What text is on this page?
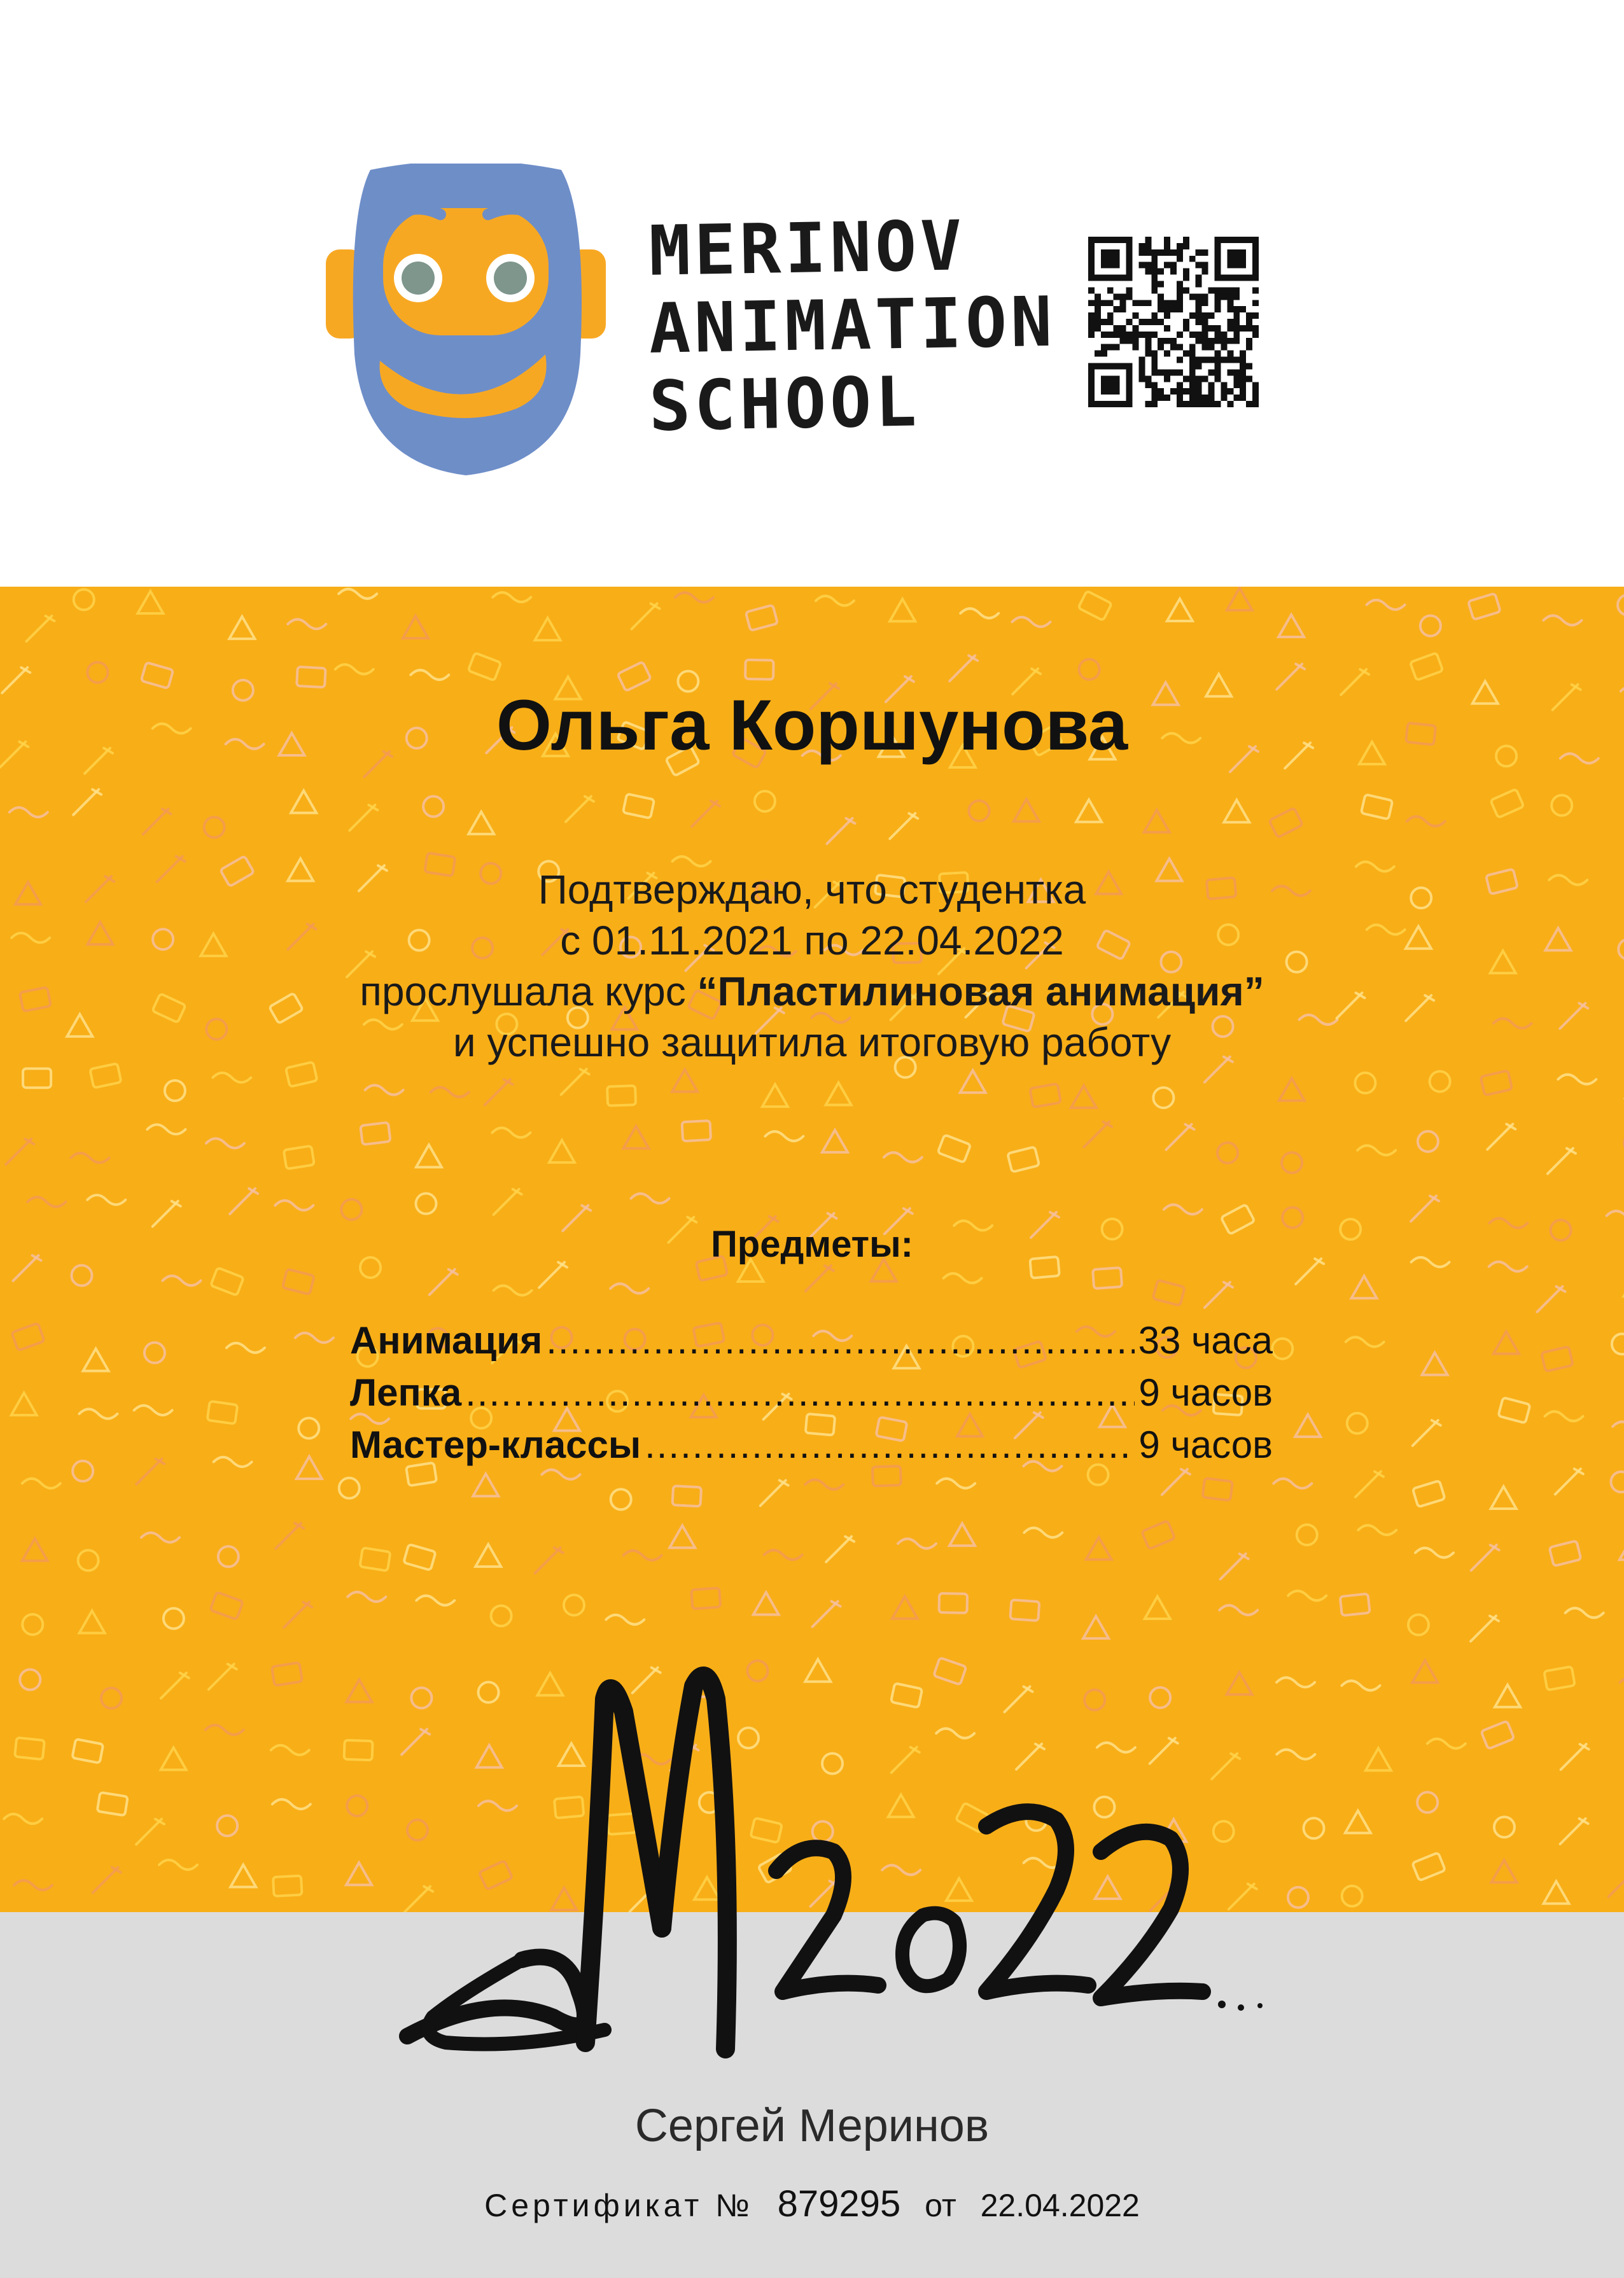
MERINOV
ANIMATION
SCHOOL
Ольга Коршунова
Подтверждаю, что студентка
с 01.11.2021 по 22.04.2022
прослушала курс “Пластилиновая анимация”
и успешно защитила итоговую работу
Предметы:
Анимация .....	33 часа
Лепка .....	9 часов
Мастер-классы .....	9 часов
Сергей Меринов
Сертификат № 879295 от 22.04.2022
